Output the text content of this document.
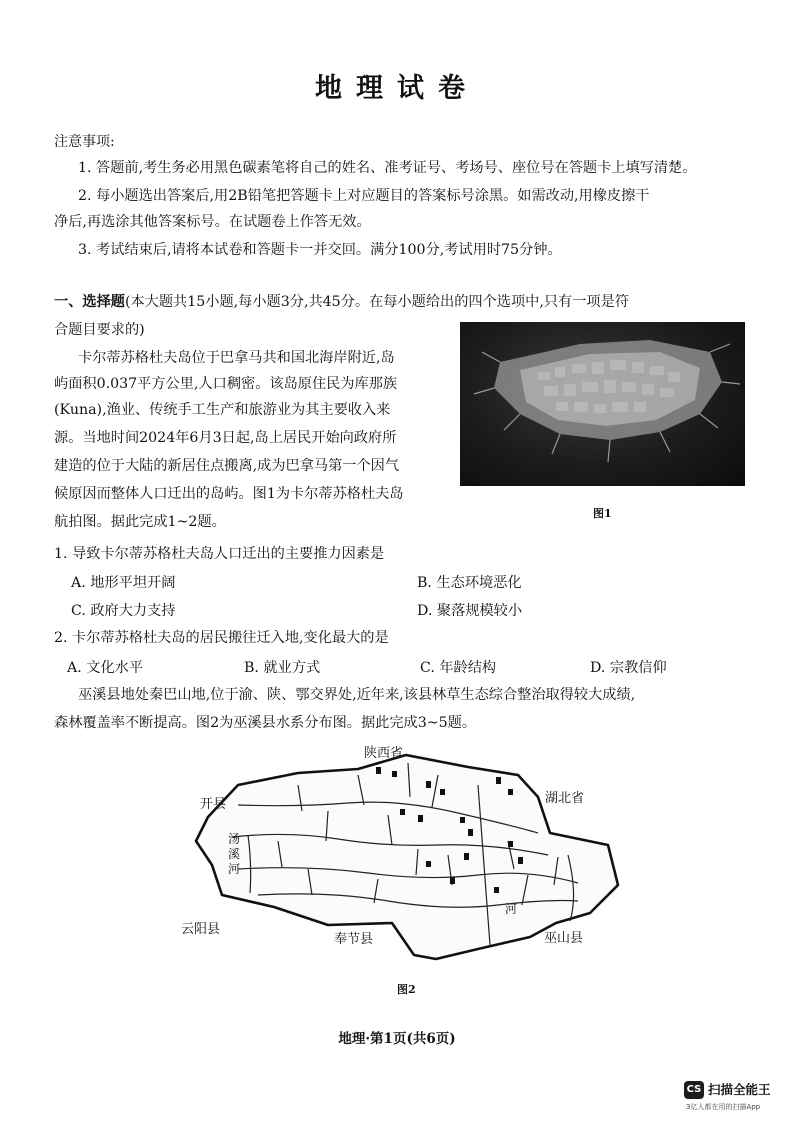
地理试卷
注意事项:
1. 答题前,考生务必用黑色碳素笔将自己的姓名、准考证号、考场号、座位号在答题卡上填写清楚。
2. 每小题选出答案后,用2B铅笔把答题卡上对应题目的答案标号涂黑。如需改动,用橡皮擦干
净后,再选涂其他答案标号。在试题卷上作答无效。
3. 考试结束后,请将本试卷和答题卡一并交回。满分100分,考试用时75分钟。
一、选择题(本大题共15小题,每小题3分,共45分。在每小题给出的四个选项中,只有一项是符
合题目要求的)
卡尔蒂苏格杜夫岛位于巴拿马共和国北海岸附近,岛
屿面积0.037平方公里,人口稠密。该岛原住民为库那族
(Kuna),渔业、传统手工生产和旅游业为其主要收入来
源。当地时间2024年6月3日起,岛上居民开始向政府所
建造的位于大陆的新居住点搬离,成为巴拿马第一个因气
候原因而整体人口迁出的岛屿。图1为卡尔蒂苏格杜夫岛
航拍图。据此完成1~2题。
图1
1. 导致卡尔蒂苏格杜夫岛人口迁出的主要推力因素是
A. 地形平坦开阔	B. 生态环境恶化
C. 政府大力支持	D. 聚落规模较小
2. 卡尔蒂苏格杜夫岛的居民搬往迁入地,变化最大的是
A. 文化水平	B. 就业方式	C. 年龄结构	D. 宗教信仰
巫溪县地处秦巴山地,位于渝、陕、鄂交界处,近年来,该县林草生态综合整治取得较大成绩,
森林覆盖率不断提高。图2为巫溪县水系分布图。据此完成3~5题。
陕西省
湖北省
开县
云阳县
奉节县	巫山县
汤溪河
河
图2
地理·第1页(共6页)
CS 扫描全能王
3亿人都在用的扫描App
